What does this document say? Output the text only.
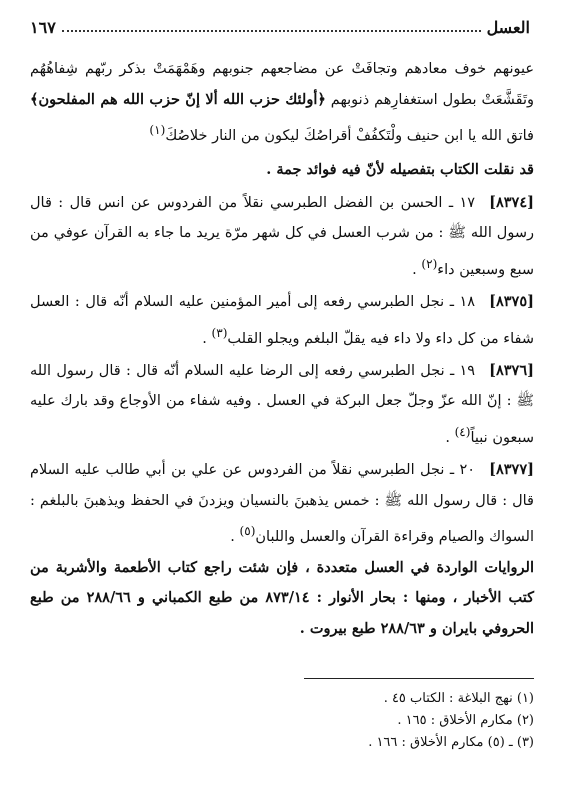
العسل
١٦٧

عيونهم خوف معادهم وتجافَتْ عن مضاجعهم جنوبهم وهَمْهَمَتْ بذكر ربّهم شِفاهُهُم وتَقَشَّعَتْ بطول استغفارِهم ذنوبهم ﴿أولئك حزب الله ألا إنّ حزب الله هم المفلحون﴾ فاتق الله يا ابن حنيف ولْتَكفُفْ أقراصُكَ ليكون من النار خلاصُكَ$^{(١)}$

قد نقلت الكتاب بتفصيله لأنّ فيه فوائد جمة .

[٨٣٧٤]١٧ ـ الحسن بن الفضل الطبرسي نقلاً من الفردوس عن انس قال : قال رسول الله ﷺ : من شرب العسل في كل شهر مرّة يريد ما جاء به القرآن عوفي من سبع وسبعين داء$^{(٢)}$ .

[٨٣٧٥]١٨ ـ نجل الطبرسي رفعه إلى أمير المؤمنين عليه السلام أنّه قال : العسل شفاء من كل داء ولا داء فيه يقلّ البلغم ويجلو القلب$^{(٣)}$ .

[٨٣٧٦]١٩ ـ نجل الطبرسي رفعه إلى الرضا عليه السلام أنّه قال : قال رسول الله ﷺ : إنّ الله عزّ وجلّ جعل البركة في العسل . وفيه شفاء من الأوجاع وقد بارك عليه سبعون نبياً$^{(٤)}$ .

[٨٣٧٧]٢٠ ـ نجل الطبرسي نقلاً من الفردوس عن علي بن أبي طالب عليه السلام قال : قال رسول الله ﷺ : خمس يذهبنَ بالنسيان ويزدنَ في الحفظ ويذهبنَ بالبلغم : السواك والصيام وقراءة القرآن والعسل واللبان$^{(٥)}$ .

الروايات الواردة في العسل متعددة ، فإن شئت راجع كتاب الأطعمة والأشربة من كتب الأخبار ، ومنها : بحار الأنوار : ٨٧٣/١٤ من طبع الكمباني و ٢٨٨/٦٦ من طبع الحروفي بايران و ٢٨٨/٦٣ طبع بيروت .

(١) نهج البلاغة : الكتاب ٤٥ .
(٢) مكارم الأخلاق : ١٦٥ .
(٣) ـ (٥) مكارم الأخلاق : ١٦٦ .
